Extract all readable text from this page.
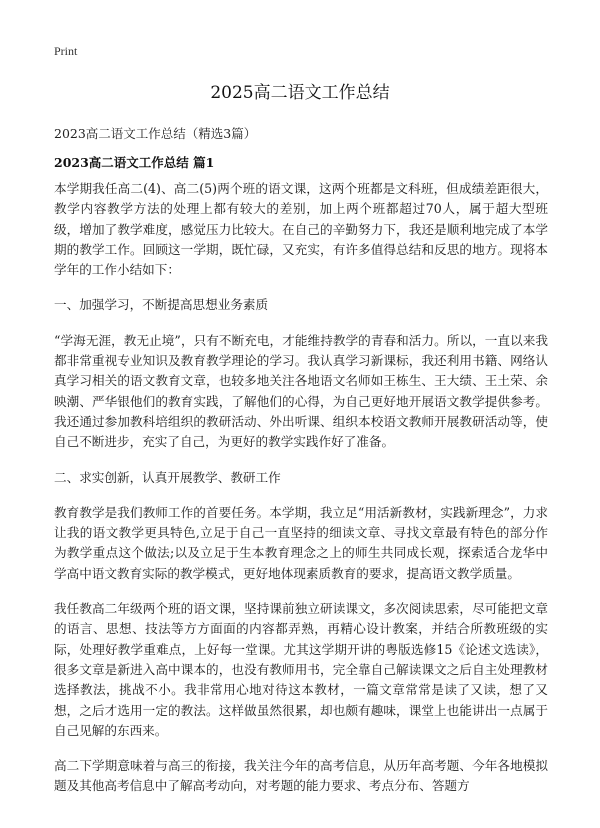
Print
2025高二语文工作总结
2023高二语文工作总结（精选3篇）
2023高二语文工作总结 篇1

本学期我任高二(4)、高二(5)两个班的语文课，这两个班都是文科班，但成绩差距很大，教学内容教学方法的处理上都有较大的差别，加上两个班都超过70人，属于超大型班级，增加了教学难度，感觉压力比较大。在自己的辛勤努力下，我还是顺利地完成了本学期的教学工作。回顾这一学期，既忙碌，又充实，有许多值得总结和反思的地方。现将本学年的工作小结如下：

一、加强学习，不断提高思想业务素质

“学海无涯，教无止境”，只有不断充电，才能维持教学的青春和活力。所以，一直以来我都非常重视专业知识及教育教学理论的学习。我认真学习新课标，我还利用书籍、网络认真学习相关的语文教育文章，也较多地关注各地语文名师如王栋生、王大绩、王土荣、余映潮、严华银他们的教育实践，了解他们的心得，为自己更好地开展语文教学提供参考。我还通过参加教科培组织的教研活动、外出听课、组织本校语文教师开展教研活动等，使自己不断进步，充实了自己，为更好的教学实践作好了准备。

二、求实创新，认真开展教学、教研工作

教育教学是我们教师工作的首要任务。本学期，我立足“用活新教材，实践新理念”，力求让我的语文教学更具特色,立足于自己一直坚持的细读文章、寻找文章最有特色的部分作为教学重点这个做法;以及立足于生本教育理念之上的师生共同成长观，探索适合龙华中学高中语文教育实际的教学模式，更好地体现素质教育的要求，提高语文教学质量。

我任教高二年级两个班的语文课，坚持课前独立研读课文，多次阅读思索，尽可能把文章的语言、思想、技法等方方面面的内容都弄熟，再精心设计教案，并结合所教班级的实际，处理好教学重难点，上好每一堂课。尤其这学期开讲的粤版选修15《论述文选读》，很多文章是新进入高中课本的，也没有教师用书，完全靠自己解读课文之后自主处理教材选择教法，挑战不小。我非常用心地对待这本教材，一篇文章常常是读了又读，想了又想，之后才选用一定的教法。这样做虽然很累，却也颇有趣味，课堂上也能讲出一点属于自己见解的东西来。

高二下学期意味着与高三的衔接，我关注今年的高考信息，从历年高考题、今年各地模拟题及其他高考信息中了解高考动向，对考题的能力要求、考点分布、答题方
